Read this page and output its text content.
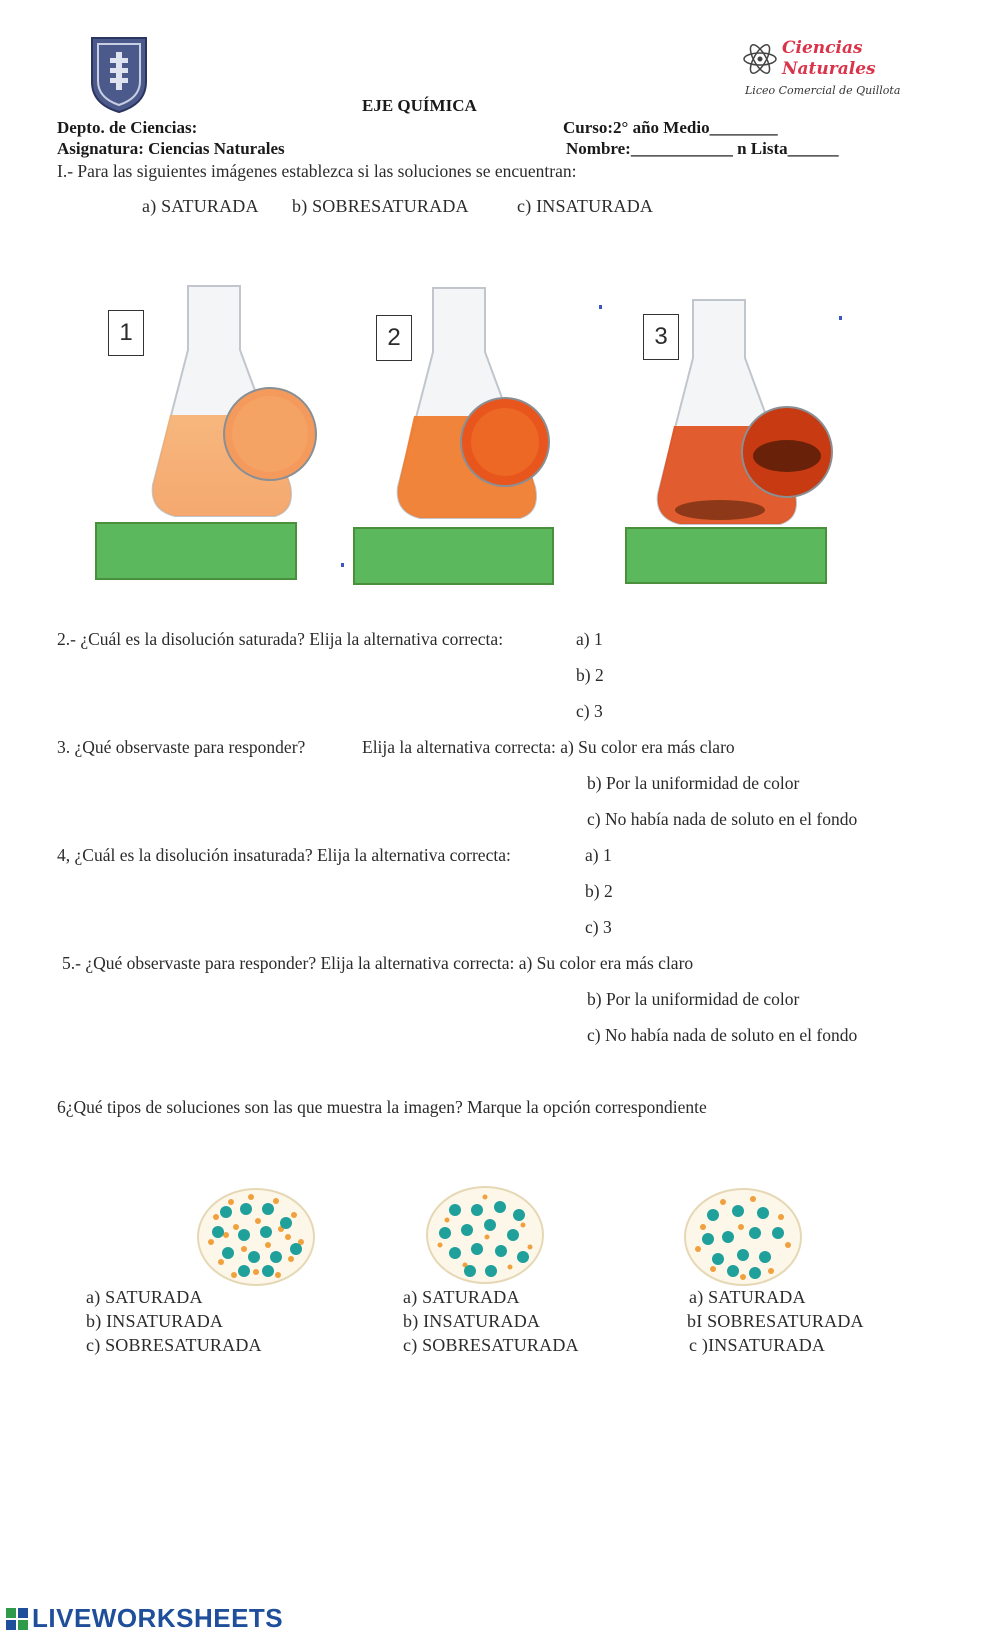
Ciencias
Naturales
Liceo Comercial de Quillota
EJE QUÍMICA
Depto. de Ciencias:	Curso:2° año Medio________
Asignatura: Ciencias Naturales	Nombre:____________ n Lista______
I.- Para las siguientes imágenes establezca si las soluciones se encuentran:
a) SATURADA b) SOBRESATURADA	c) INSATURADA
1	2	3
2.- ¿Cuál es la disolución saturada? Elija la alternativa correcta:	a) 1
b) 2
c) 3
3. ¿Qué observaste para responder?	Elija la alternativa correcta: a) Su color era más claro
b) Por la uniformidad de color
c) No había nada de soluto en el fondo
4, ¿Cuál es la disolución insaturada? Elija la alternativa correcta:	a) 1
b) 2
c) 3
5.- ¿Qué observaste para responder? Elija la alternativa correcta: a) Su color era más claro
b) Por la uniformidad de color
c) No había nada de soluto en el fondo
6¿Qué tipos de soluciones son las que muestra la imagen? Marque la opción correspondiente
a) SATURADA
b) INSATURADA
c) SOBRESATURADA
a) SATURADA
b) INSATURADA
c) SOBRESATURADA
a) SATURADA
bI SOBRESATURADA
c )INSATURADA
LIVEWORKSHEETS
